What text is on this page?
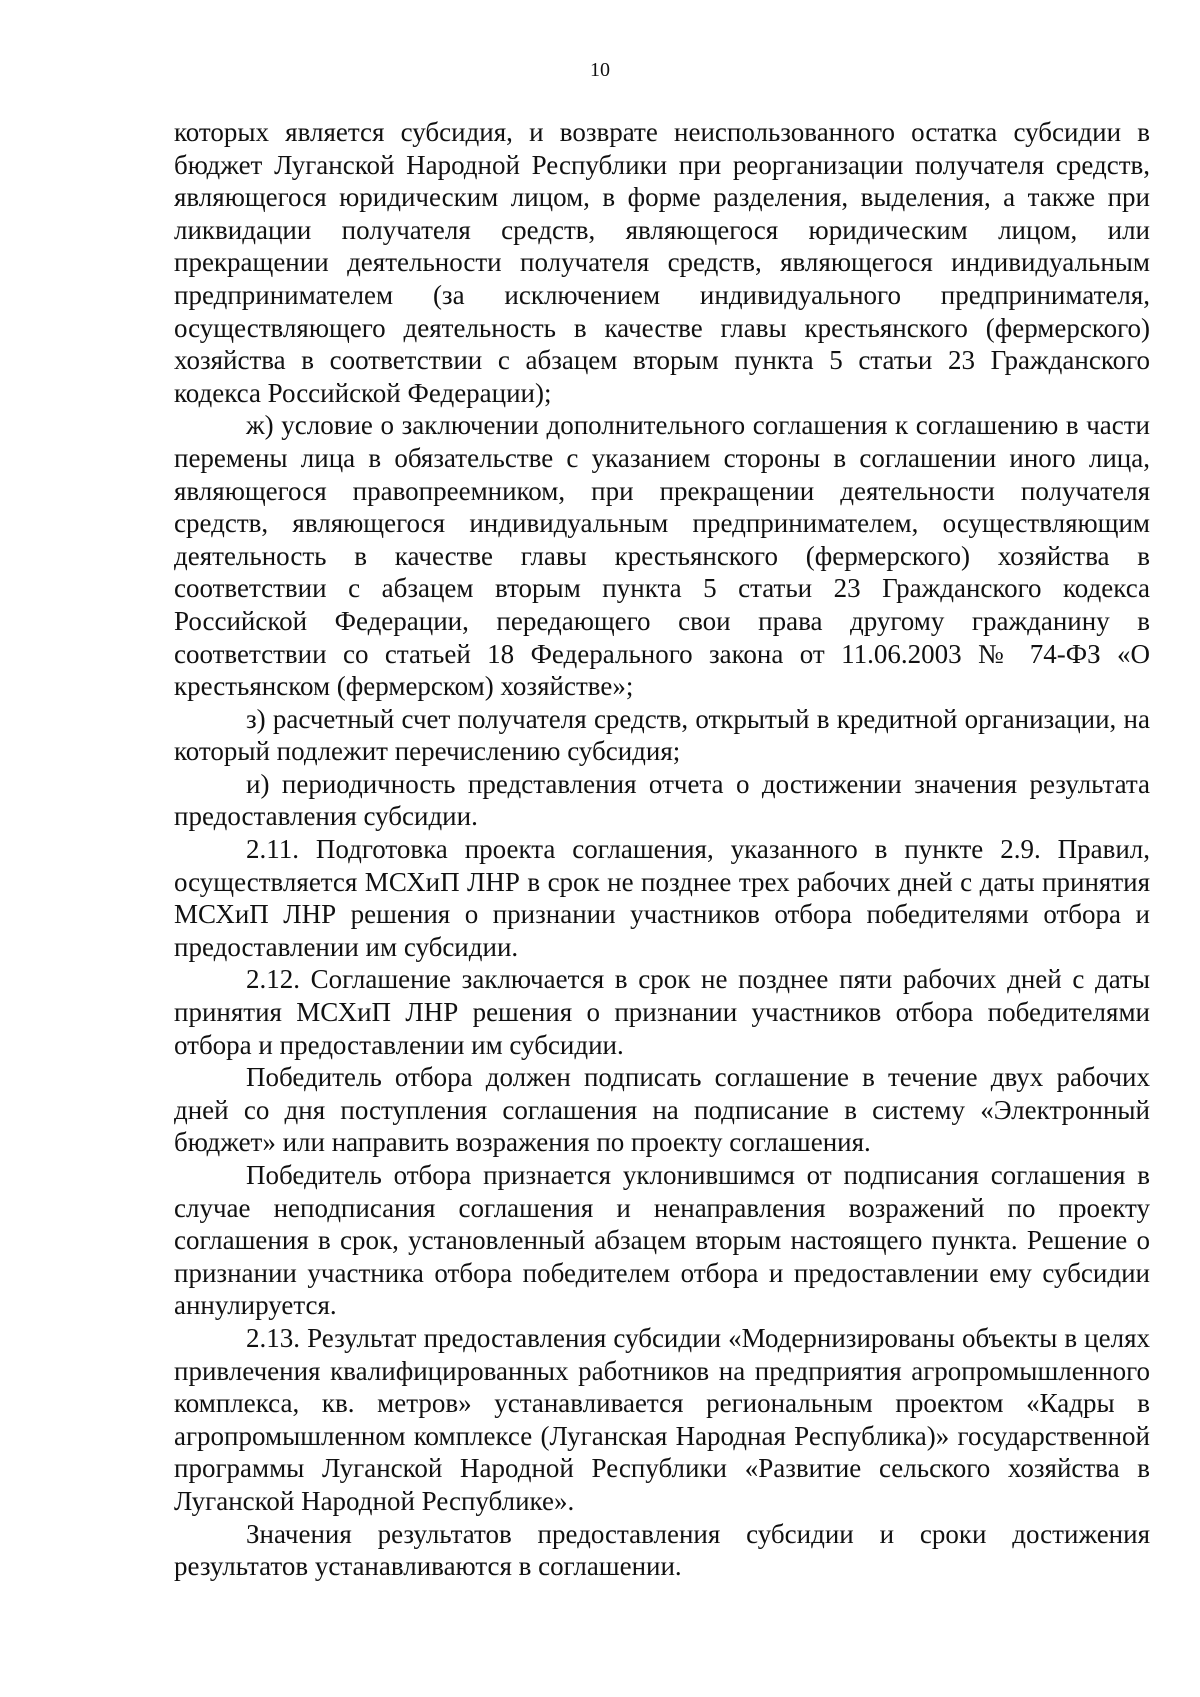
10

которых является субсидия, и возврате неиспользованного остатка субсидии в бюджет Луганской Народной Республики при реорганизации получателя средств, являющегося юридическим лицом, в форме разделения, выделения, а также при ликвидации получателя средств, являющегося юридическим лицом, или прекращении деятельности получателя средств, являющегося индивидуальным предпринимателем (за исключением индивидуального предпринимателя, осуществляющего деятельность в качестве главы крестьянского (фермерского) хозяйства в соответствии с абзацем вторым пункта 5 статьи 23 Гражданского кодекса Российской Федерации);

ж) условие о заключении дополнительного соглашения к соглашению в части перемены лица в обязательстве с указанием стороны в соглашении иного лица, являющегося правопреемником, при прекращении деятельности получателя средств, являющегося индивидуальным предпринимателем, осуществляющим деятельность в качестве главы крестьянского (фермерского) хозяйства в соответствии с абзацем вторым пункта 5 статьи 23 Гражданского кодекса Российской Федерации, передающего свои права другому гражданину в соответствии со статьей 18 Федерального закона от 11.06.2003 № 74-ФЗ «О крестьянском (фермерском) хозяйстве»;

з) расчетный счет получателя средств, открытый в кредитной организации, на который подлежит перечислению субсидия;

и) периодичность представления отчета о достижении значения результата предоставления субсидии.

2.11. Подготовка проекта соглашения, указанного в пункте 2.9. Правил, осуществляется МСХиП ЛНР в срок не позднее трех рабочих дней с даты принятия МСХиП ЛНР решения о признании участников отбора победителями отбора и предоставлении им субсидии.

2.12. Соглашение заключается в срок не позднее пяти рабочих дней с даты принятия МСХиП ЛНР решения о признании участников отбора победителями отбора и предоставлении им субсидии.

Победитель отбора должен подписать соглашение в течение двух рабочих дней со дня поступления соглашения на подписание в систему «Электронный бюджет» или направить возражения по проекту соглашения.

Победитель отбора признается уклонившимся от подписания соглашения в случае неподписания соглашения и ненаправления возражений по проекту соглашения в срок, установленный абзацем вторым настоящего пункта. Решение о признании участника отбора победителем отбора и предоставлении ему субсидии аннулируется.

2.13. Результат предоставления субсидии «Модернизированы объекты в целях привлечения квалифицированных работников на предприятия агропромышленного комплекса, кв. метров» устанавливается региональным проектом «Кадры в агропромышленном комплексе (Луганская Народная Республика)» государственной программы Луганской Народной Республики «Развитие сельского хозяйства в Луганской Народной Республике».

Значения результатов предоставления субсидии и сроки достижения результатов устанавливаются в соглашении.
